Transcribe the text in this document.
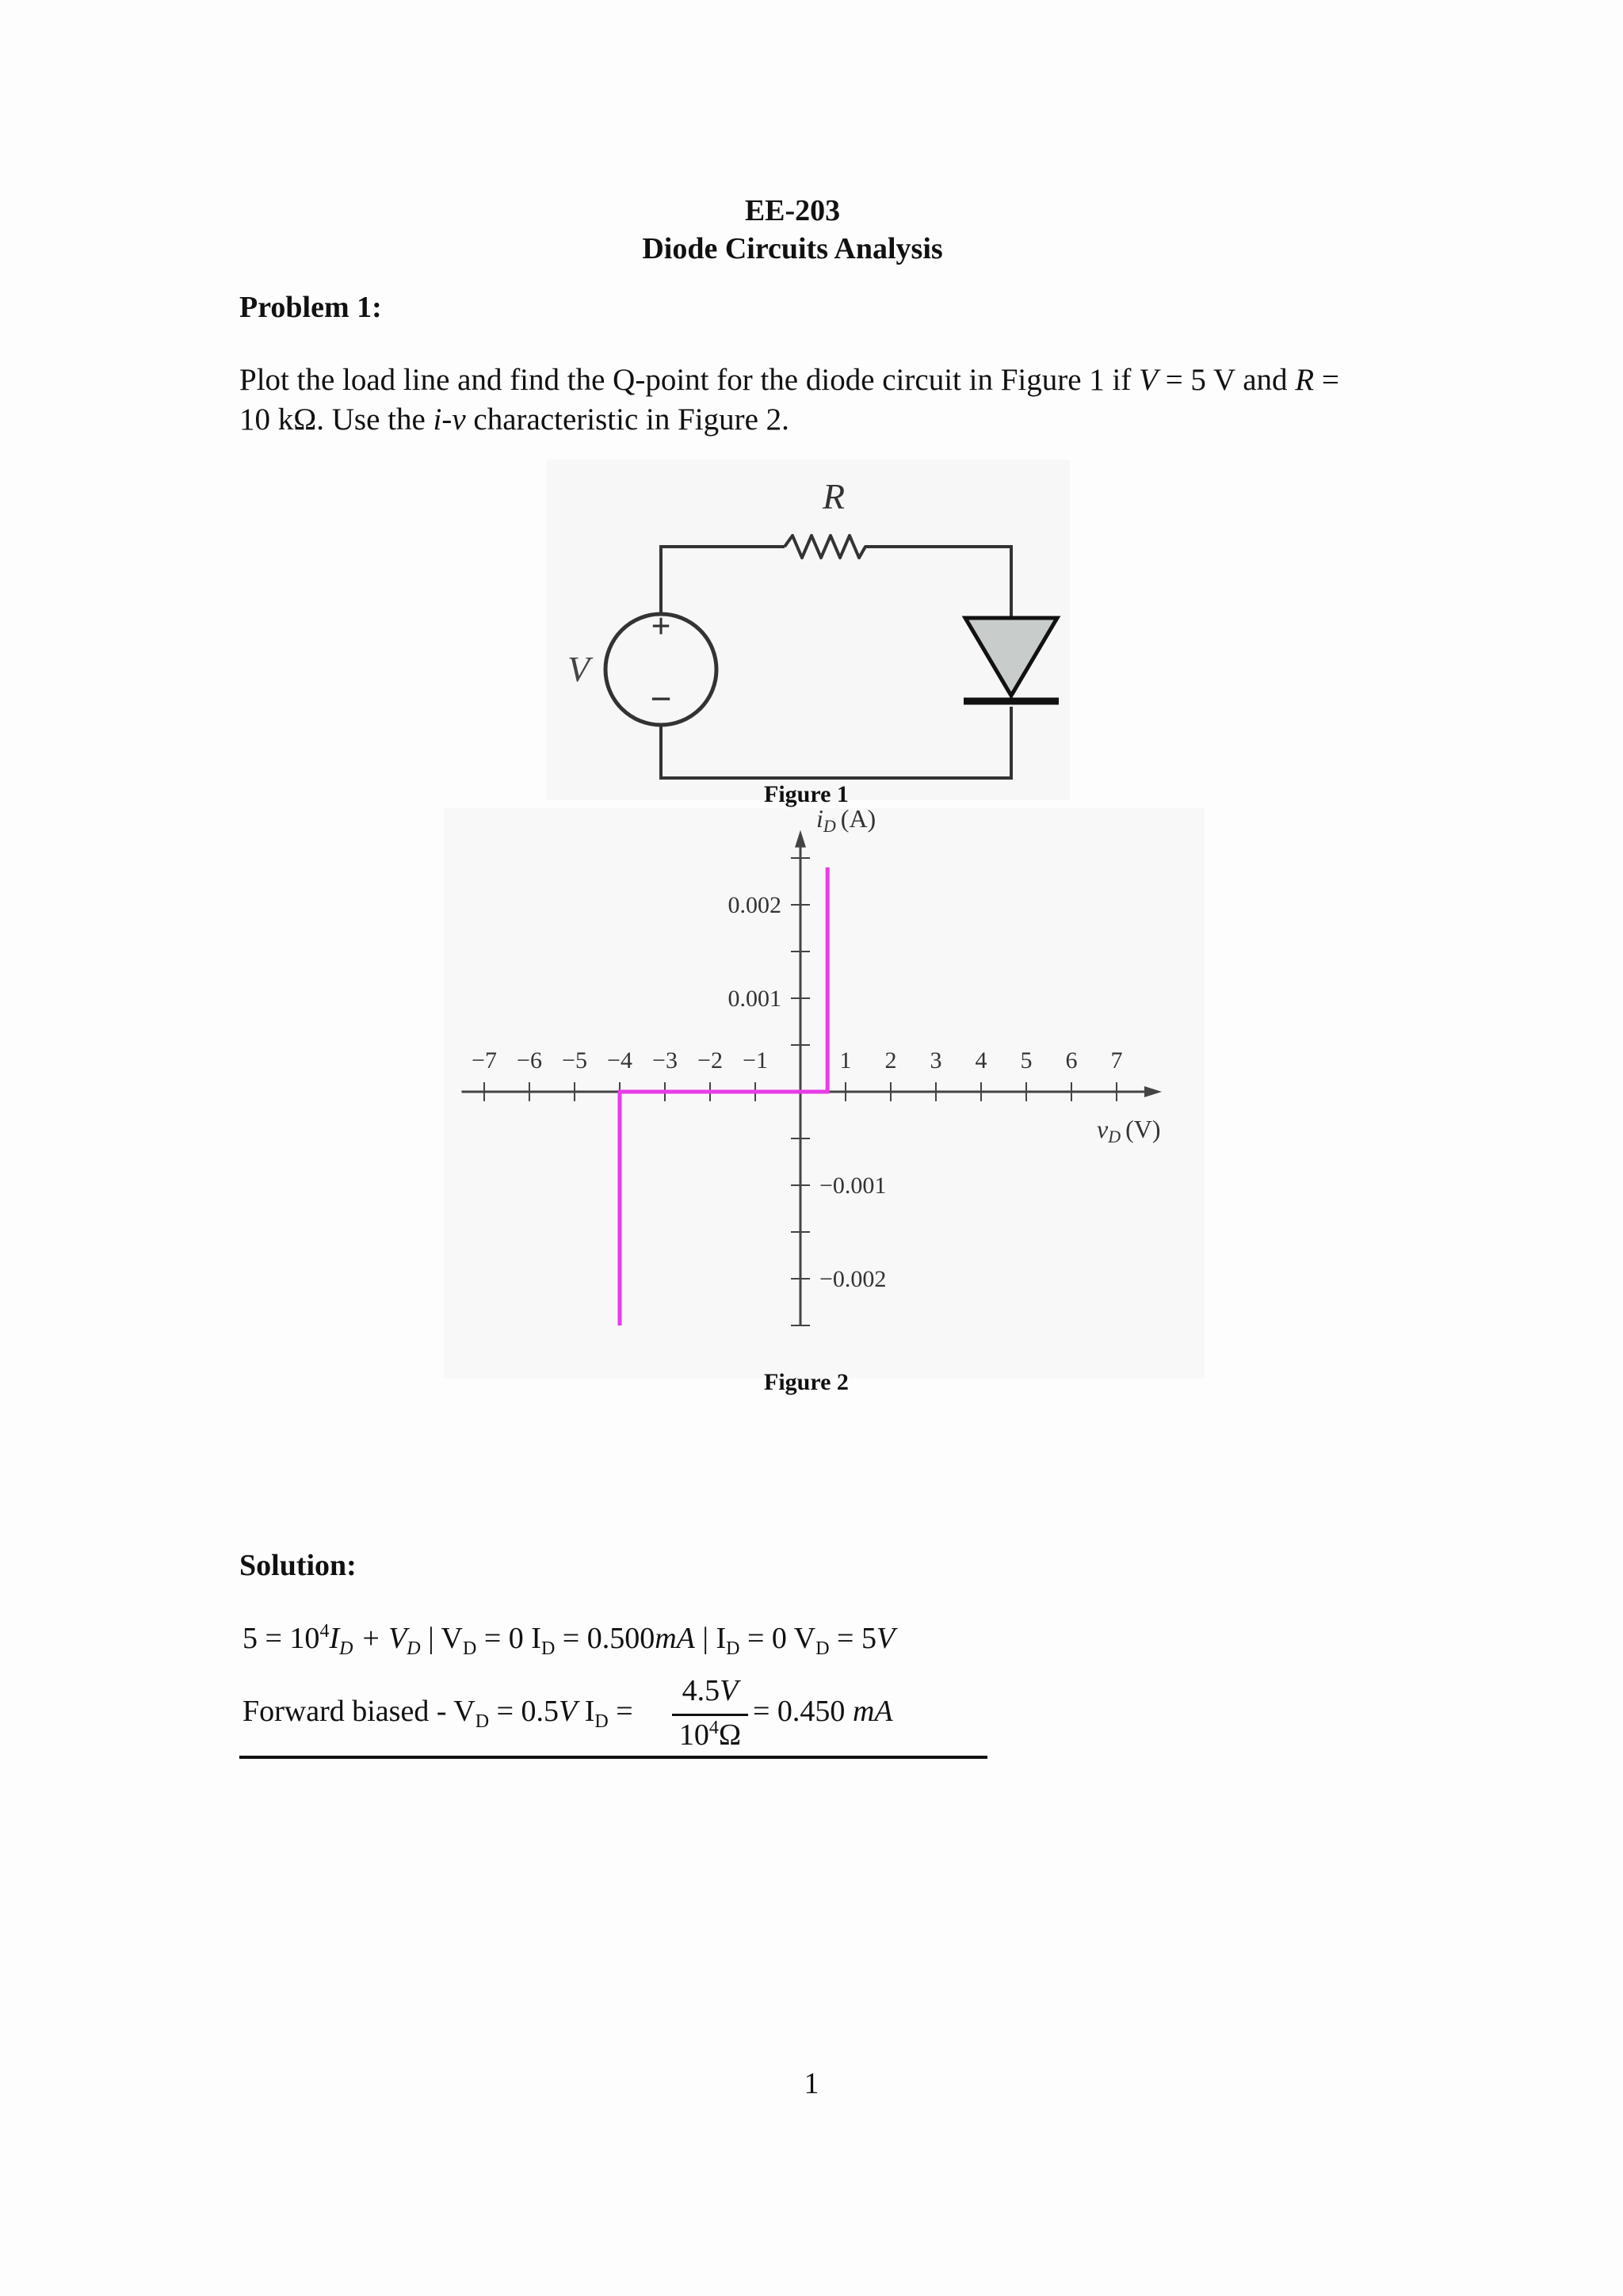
EE-203
Diode Circuits Analysis
Problem 1:
Plot the load line and find the Q-point for the diode circuit in Figure 1 if V = 5 V and R =
10 kΩ. Use the i-v characteristic in Figure 2.
R
+
−
V
Figure 1
−7 −6 −5 −4 −3 −2 −1	1 2 3 4 5 6 7
0.002
0.001
−0.001
−0.002
iD (A)
vD (V)
Figure 2
Solution:
$5 = 10^4I_D + V_D$ | $V_D = 0$ $I_D = 0.500mA$ | $I_D = 0$ $V_D = 5V$
Forward biased - $V_D = 0.5V$ $I_D$ =
4.5V
$10^4\Omega$
= 0.450 mA
1
